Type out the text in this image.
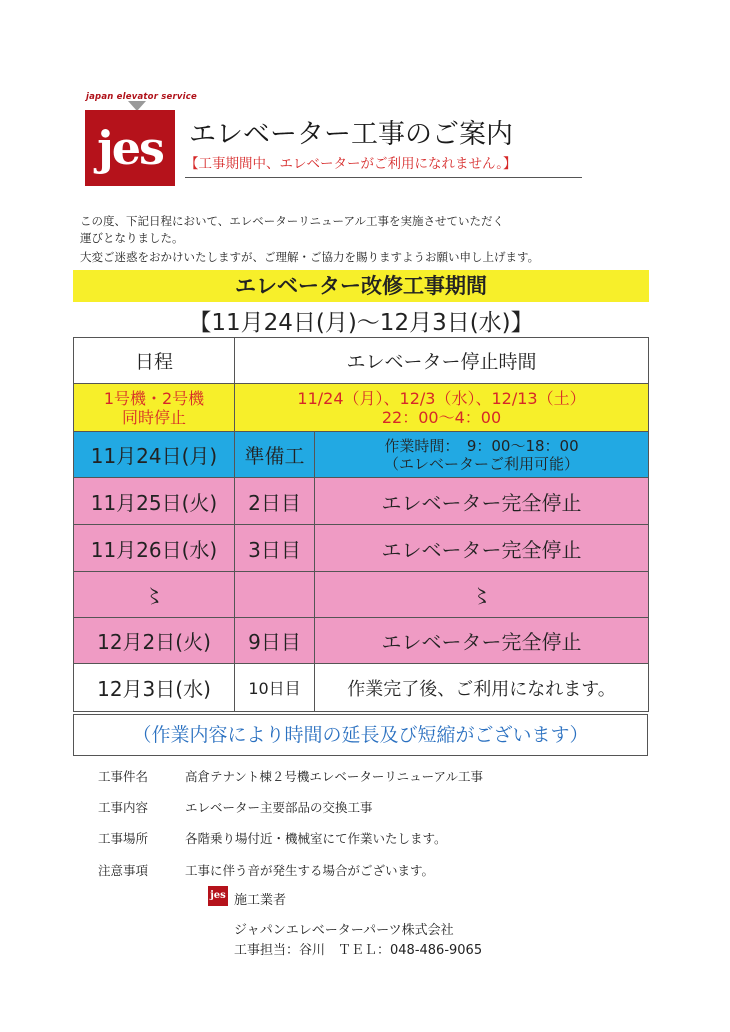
japan elevator service
jes エレベーター工事のご案内
【工事期間中、エレベーターがご利用になれません。】
この度、下記日程において、エレベーターリニューアル工事を実施させていただく
運びとなりました。
大変ご迷惑をおかけいたしますが、ご理解・ご協力を賜りますようお願い申し上げます。
エレベーター改修工事期間
【11月24日(月)～12月3日(水)】
日程	エレベーター停止時間	
1号機・2号機
同時停止	11/24（月）、12/3（水）、12/13（土）
22：00～4：00	
11月24日(月)	準備工	作業時間：　9：00～18：00
（エレベーターご利用可能）
11月25日(火)	2日目	エレベーター完全停止
11月26日(水)	3日目	エレベーター完全停止
〻		〻
12月2日(火)	9日目	エレベーター完全停止
12月3日(水)	10日目	作業完了後、ご利用になれます。
（作業内容により時間の延長及び短縮がございます）
工事件名	高倉テナント棟２号機エレベーターリニューアル工事
工事内容	エレベーター主要部品の交換工事
工事場所	各階乗り場付近・機械室にて作業いたします。
注意事項	工事に伴う音が発生する場合がございます。
jes 施工業者
ジャパンエレベーターパーツ株式会社
工事担当：谷川　ＴＥＬ：048-486-9065
